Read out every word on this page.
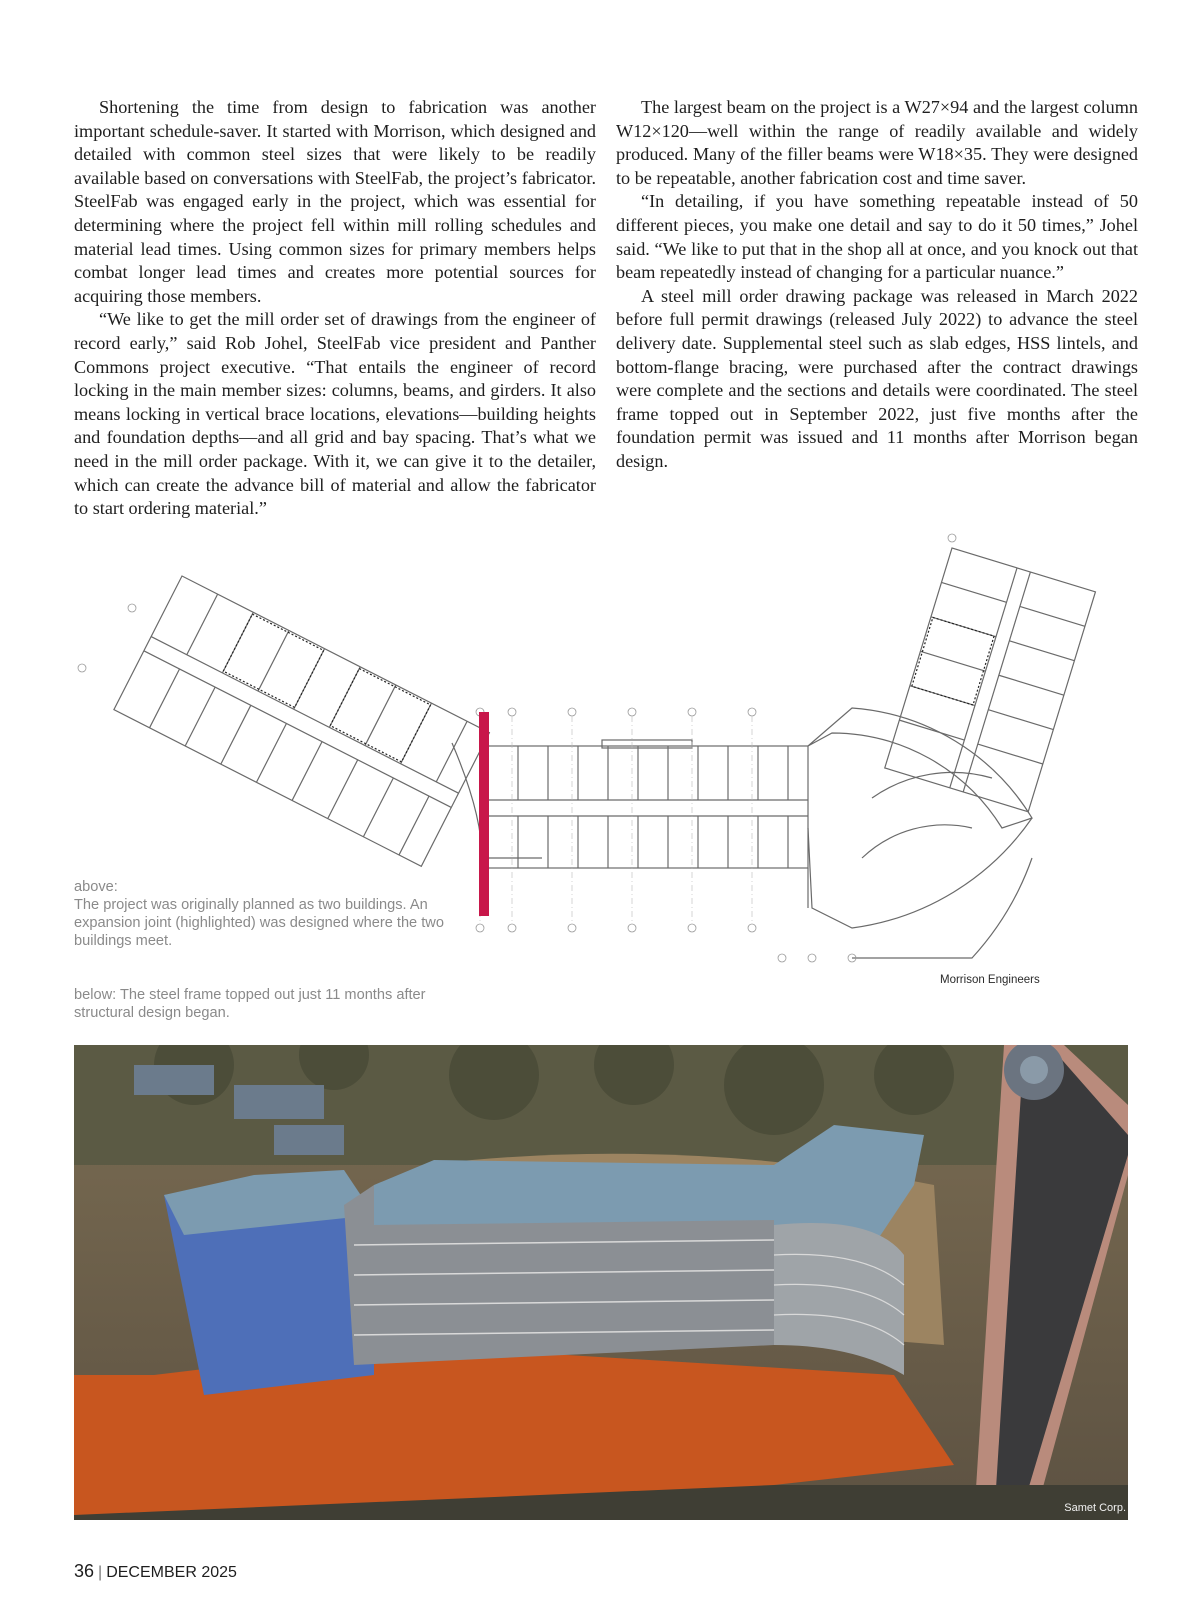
Shortening the time from design to fabrication was another important schedule-saver. It started with Morrison, which designed and detailed with common steel sizes that were likely to be readily available based on conversations with SteelFab, the project’s fabricator. SteelFab was engaged early in the project, which was essential for determining where the project fell within mill rolling schedules and material lead times. Using common sizes for primary members helps combat longer lead times and creates more potential sources for acquiring those members.

“We like to get the mill order set of drawings from the engineer of record early,” said Rob Johel, SteelFab vice president and Panther Commons project executive. “That entails the engineer of record locking in the main member sizes: columns, beams, and girders. It also means locking in vertical brace locations, elevations—building heights and foundation depths—and all grid and bay spacing. That’s what we need in the mill order package. With it, we can give it to the detailer, which can create the advance bill of material and allow the fabricator to start ordering material.”

The largest beam on the project is a W27×94 and the largest column W12×120—well within the range of readily available and widely produced. Many of the filler beams were W18×35. They were designed to be repeatable, another fabrication cost and time saver.

“In detailing, if you have something repeatable instead of 50 different pieces, you make one detail and say to do it 50 times,” Johel said. “We like to put that in the shop all at once, and you knock out that beam repeatedly instead of changing for a particular nuance.”

A steel mill order drawing package was released in March 2022 before full permit drawings (released July 2022) to advance the steel delivery date. Supplemental steel such as slab edges, HSS lintels, and bottom-flange bracing, were purchased after the contract drawings were complete and the sections and details were coordinated. The steel frame topped out in September 2022, just five months after the foundation permit was issued and 11 months after Morrison began design.

above:
The project was originally planned as two buildings. An expansion joint (highlighted) was designed where the two buildings meet.
below: The steel frame topped out just 11 months after structural design began.
Morrison Engineers
Samet Corp.
36 | DECEMBER 2025
